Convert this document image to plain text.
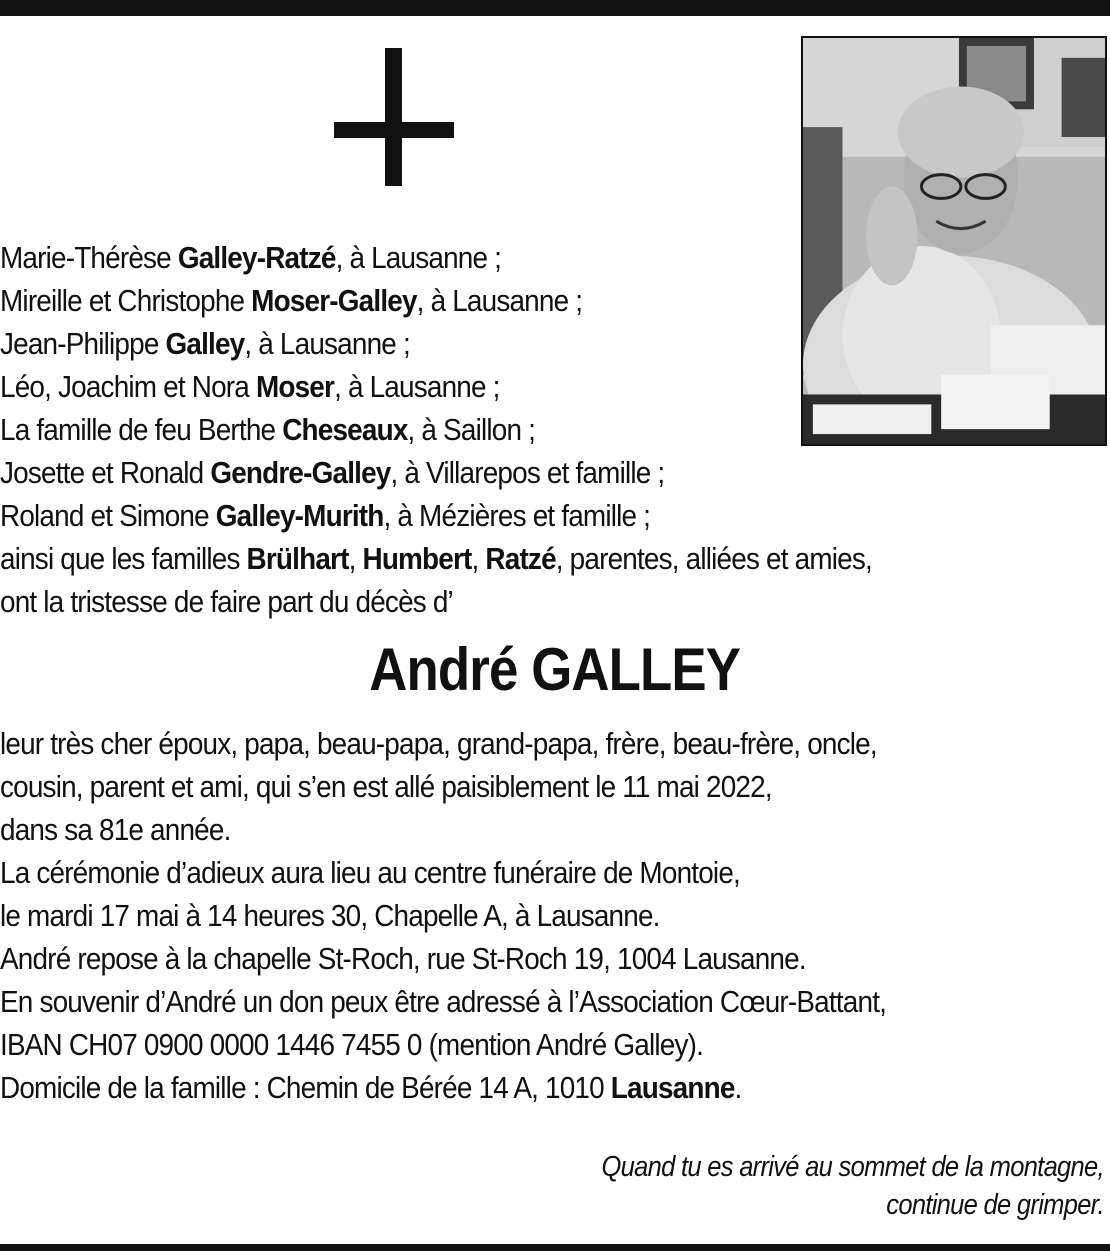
Marie-Thérèse Galley-Ratzé, à Lausanne ;
Mireille et Christophe Moser-Galley, à Lausanne ;
Jean-Philippe Galley, à Lausanne ;
Léo, Joachim et Nora Moser, à Lausanne ;
La famille de feu Berthe Cheseaux, à Saillon ;
Josette et Ronald Gendre-Galley, à Villarepos et famille ;
Roland et Simone Galley-Murith, à Mézières et famille ;
ainsi que les familles Brülhart, Humbert, Ratzé, parentes, alliées et amies,
ont la tristesse de faire part du décès d’
André GALLEY
leur très cher époux, papa, beau-papa, grand-papa, frère, beau-frère, oncle,
cousin, parent et ami, qui s’en est allé paisiblement le 11 mai 2022,
dans sa 81e année.
La cérémonie d’adieux aura lieu au centre funéraire de Montoie,
le mardi 17 mai à 14 heures 30, Chapelle A, à Lausanne.
André repose à la chapelle St-Roch, rue St-Roch 19, 1004 Lausanne.
En souvenir d’André un don peux être adressé à l’Association Cœur-Battant,
IBAN CH07 0900 0000 1446 7455 0 (mention André Galley).
Domicile de la famille : Chemin de Bérée 14 A, 1010 Lausanne.
Quand tu es arrivé au sommet de la montagne,
continue de grimper.
